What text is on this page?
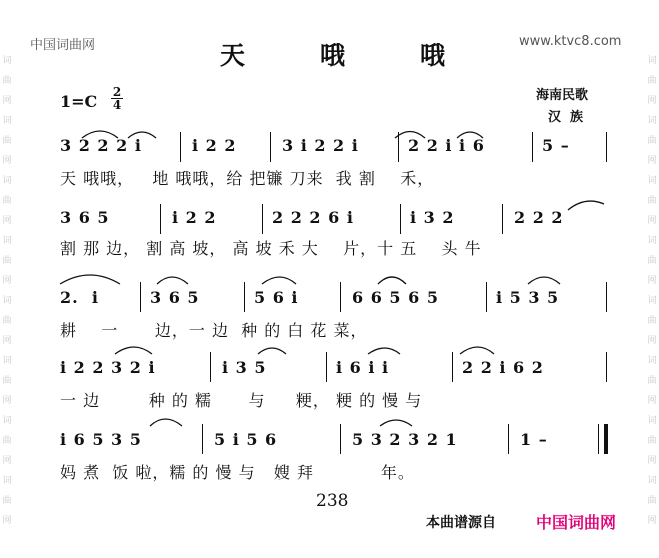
词
曲
网
词
曲
网
词
曲
网
词
曲
网
词
曲
网
词
曲
网
词
曲
网
词
曲
网
词
曲
网
词
曲
网
词
曲
网
词
曲
网
词
曲
网
词
曲
网
词
曲
网
词
曲
网
中国词曲网	www.ktvc8.com
天	哦	哦
海南民歌
汉  族
1=C 2
4
3 2 2 2 i	i 2 2	3 i 2 2 i	2 2 i i 6	5 –
天 哦哦，   地 哦哦，给 把镰 刀来  我 割    禾，
3 6 5	i 2 2	2 2 2 6 i	i 3 2	2 2 2
割 那 边， 割 高 坡， 高 坡 禾 大    片，十 五    头 牛
2.  i	3 6 5	5 6 i	6 6 5 6 5	i 5 3 5
耕    一      边，一 边  种 的 白 花 菜，
i 2 2 3 2 i	i 3 5	i 6 i i	2 2 i 6 2
一 边        种 的 糯      与     粳， 粳 的 慢 与
i 6 5 3 5	5 i 5 6	5 3 2 3 2 1	1 –
妈 煮  饭 啦，糯 的 慢 与   嫂 拜           年。
238
本曲谱源自	中国词曲网
